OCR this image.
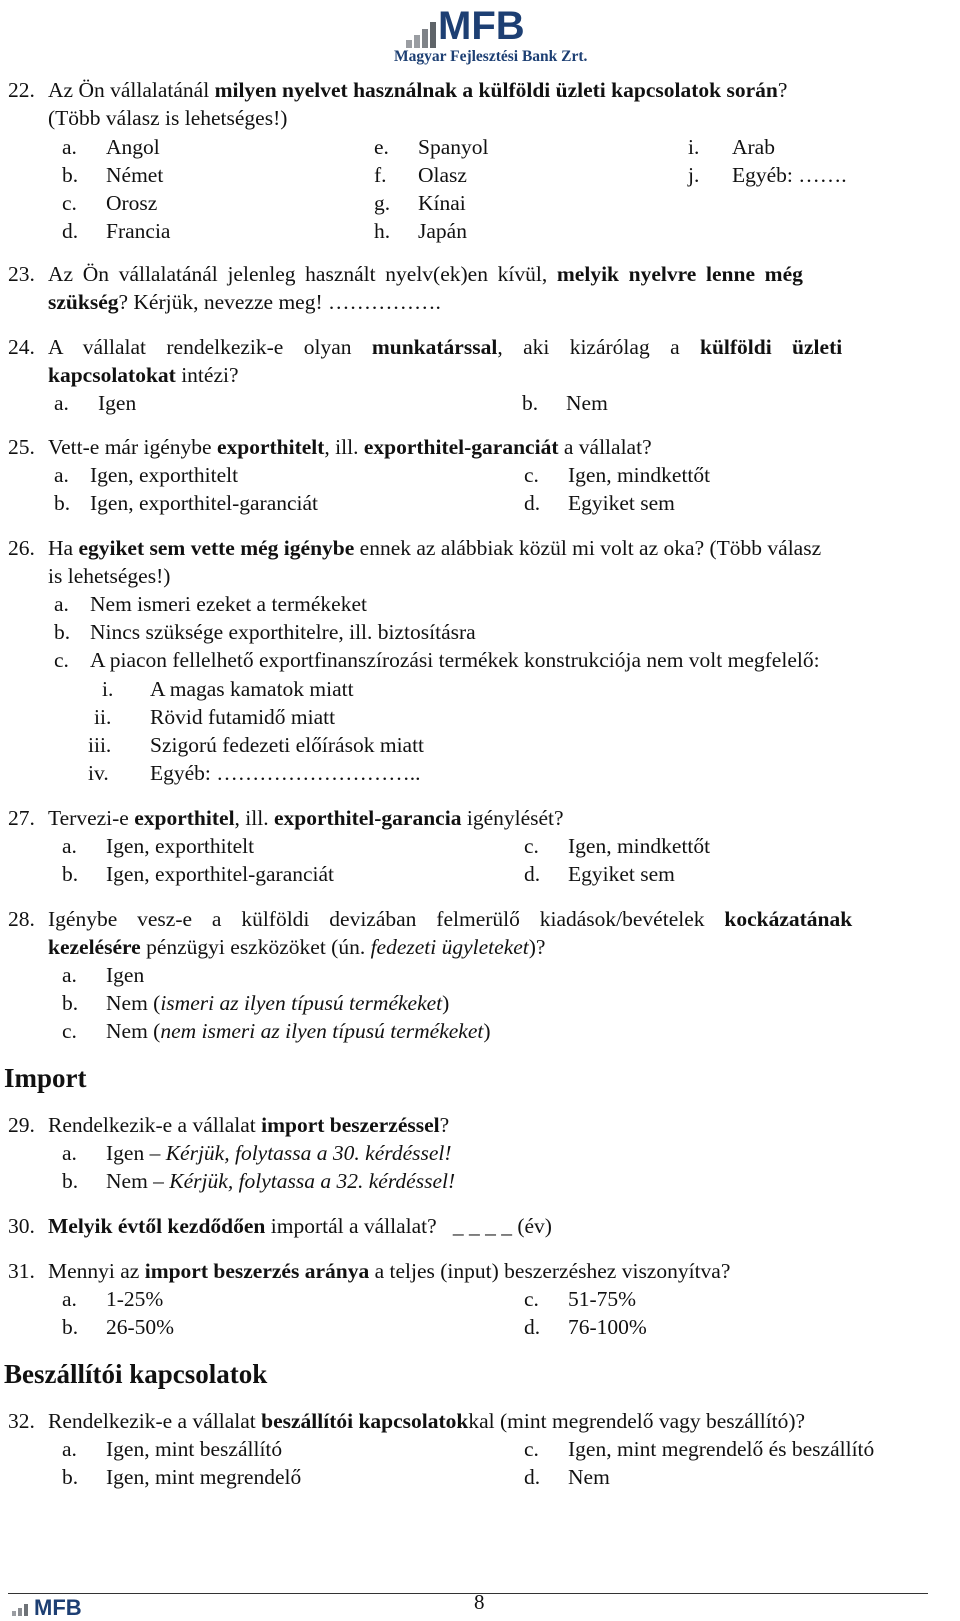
MFB
Magyar Fejlesztési Bank Zrt.
22. Az Ön vállalatánál milyen nyelvet használnak a külföldi üzleti kapcsolatok során?
(Több válasz is lehetséges!)
a. Angol
b. Német
c. Orosz
d. Francia
e. Spanyol
f. Olasz
g. Kínai
h. Japán
i. Arab
j. Egyéb: …….
23. Az Ön vállalatánál jelenleg használt nyelv(ek)en kívül, melyik nyelvre lenne még
szükség? Kérjük, nevezze meg! …………….
24. A vállalat rendelkezik-e olyan munkatárssal, aki kizárólag a külföldi üzleti
kapcsolatokat intézi?
a. Igen	b. Nem
25. Vett-e már igénybe exporthitelt, ill. exporthitel-garanciát a vállalat?
a. Igen, exporthitelt
b. Igen, exporthitel-garanciát
c. Igen, mindkettőt
d. Egyiket sem
26. Ha egyiket sem vette még igénybe ennek az alábbiak közül mi volt az oka? (Több válasz
is lehetséges!)
a. Nem ismeri ezeket a termékeket
b. Nincs szüksége exporthitelre, ill. biztosításra
c. A piacon fellelhető exportfinanszírozási termékek konstrukciója nem volt megfelelő:
i. A magas kamatok miatt
ii. Rövid futamidő miatt
iii. Szigorú fedezeti előírások miatt
iv. Egyéb: ………………………..
27. Tervezi-e exporthitel, ill. exporthitel-garancia igénylését?
a. Igen, exporthitelt
b. Igen, exporthitel-garanciát
c. Igen, mindkettőt
d. Egyiket sem
28. Igénybe vesz-e a külföldi devizában felmerülő kiadások/bevételek kockázatának
kezelésére pénzügyi eszközöket (ún. fedezeti ügyleteket)?
a. Igen
b. Nem (ismeri az ilyen típusú termékeket)
c. Nem (nem ismeri az ilyen típusú termékeket)
Import
29. Rendelkezik-e a vállalat import beszerzéssel?
a. Igen – Kérjük, folytassa a 30. kérdéssel!
b. Nem – Kérjük, folytassa a 32. kérdéssel!
30. Melyik évtől kezdődően importál a vállalat?   _ _ _ _ (év)
31. Mennyi az import beszerzés aránya a teljes (input) beszerzéshez viszonyítva?
a. 1-25%
b. 26-50%
c. 51-75%
d. 76-100%
Beszállítói kapcsolatok
32. Rendelkezik-e a vállalat beszállítói kapcsolatokkal (mint megrendelő vagy beszállító)?
a. Igen, mint beszállító
b. Igen, mint megrendelő
c. Igen, mint megrendelő és beszállító
d. Nem
MFB	8
